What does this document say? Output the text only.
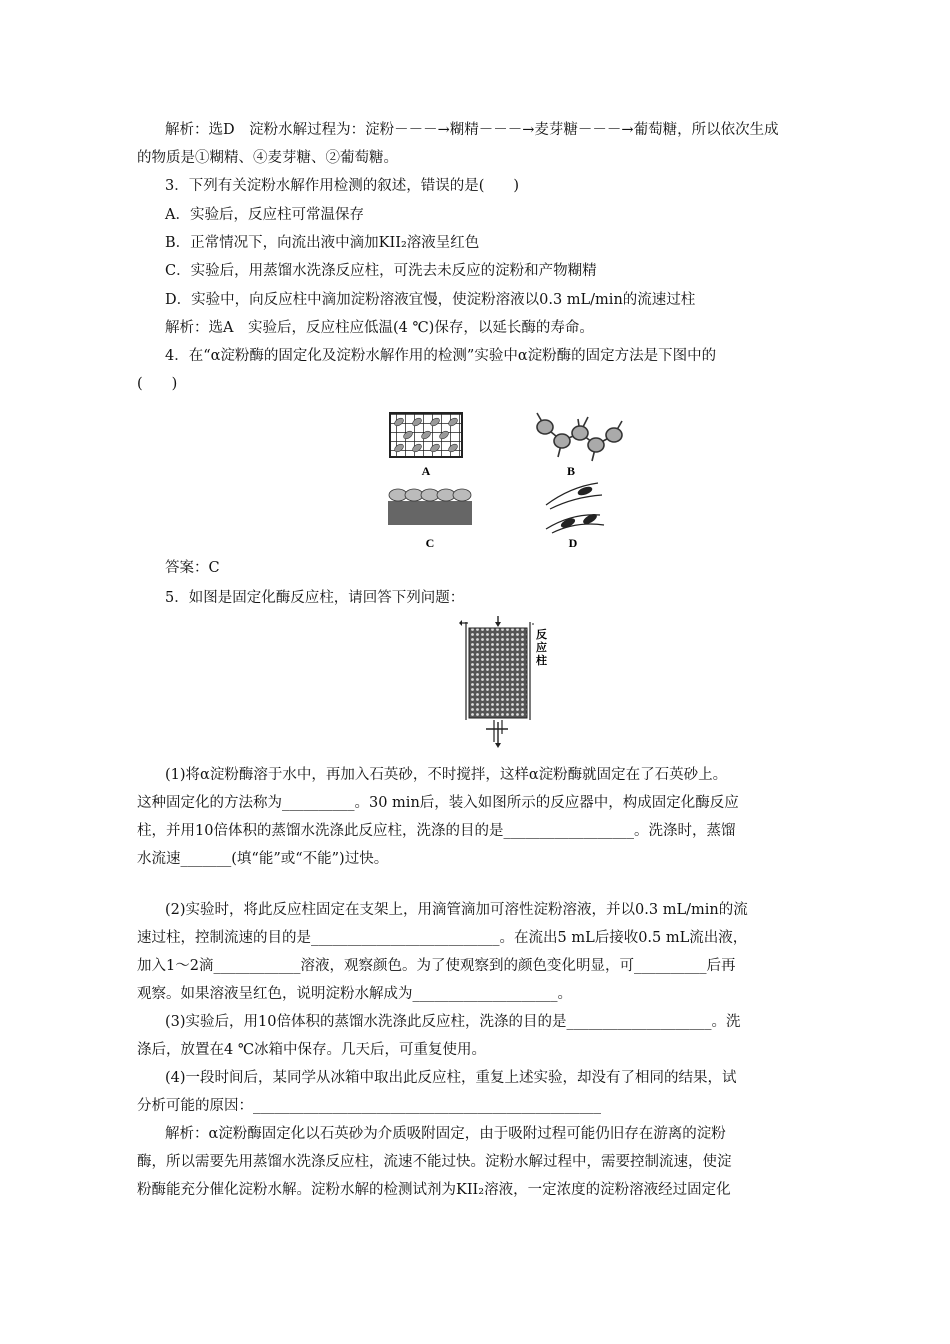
解析：选D　淀粉水解过程为：淀粉－－－→糊精－－－→麦芽糖－－－→葡萄糖，所以依次生成
的物质是①糊精、④麦芽糖、②葡萄糖。
3．下列有关淀粉水解作用检测的叙述，错误的是(　　)
A．实验后，反应柱可常温保存
B．正常情况下，向流出液中滴加KII₂溶液呈红色
C．实验后，用蒸馏水洗涤反应柱，可洗去未反应的淀粉和产物糊精
D．实验中，向反应柱中滴加淀粉溶液宜慢，使淀粉溶液以0.3 mL/min的流速过柱
解析：选A　实验后，反应柱应低温(4 ℃)保存，以延长酶的寿命。
4．在“α淀粉酶的固定化及淀粉水解作用的检测”实验中α淀粉酶的固定方法是下图中的
(　　)
A	B
C	D
答案：C
5．如图是固定化酶反应柱，请回答下列问题：
反
应
柱
(1)将α淀粉酶溶于水中，再加入石英砂，不时搅拌，这样α淀粉酶就固定在了石英砂上。
这种固定化的方法称为__________。30 min后，装入如图所示的反应器中，构成固定化酶反应
柱，并用10倍体积的蒸馏水洗涤此反应柱，洗涤的目的是__________________。洗涤时，蒸馏
水流速_______(填“能”或“不能”)过快。
(2)实验时，将此反应柱固定在支架上，用滴管滴加可溶性淀粉溶液，并以0.3 mL/min的流
速过柱，控制流速的目的是__________________________。在流出5 mL后接收0.5 mL流出液，
加入1～2滴____________溶液，观察颜色。为了使观察到的颜色变化明显，可__________后再
观察。如果溶液呈红色，说明淀粉水解成为____________________。
(3)实验后，用10倍体积的蒸馏水洗涤此反应柱，洗涤的目的是____________________。洗
涤后，放置在4 ℃冰箱中保存。几天后，可重复使用。
(4)一段时间后，某同学从冰箱中取出此反应柱，重复上述实验，却没有了相同的结果，试
分析可能的原因：________________________________________________
解析：α淀粉酶固定化以石英砂为介质吸附固定，由于吸附过程可能仍旧存在游离的淀粉
酶，所以需要先用蒸馏水洗涤反应柱，流速不能过快。淀粉水解过程中，需要控制流速，使淀
粉酶能充分催化淀粉水解。淀粉水解的检测试剂为KII₂溶液，一定浓度的淀粉溶液经过固定化
